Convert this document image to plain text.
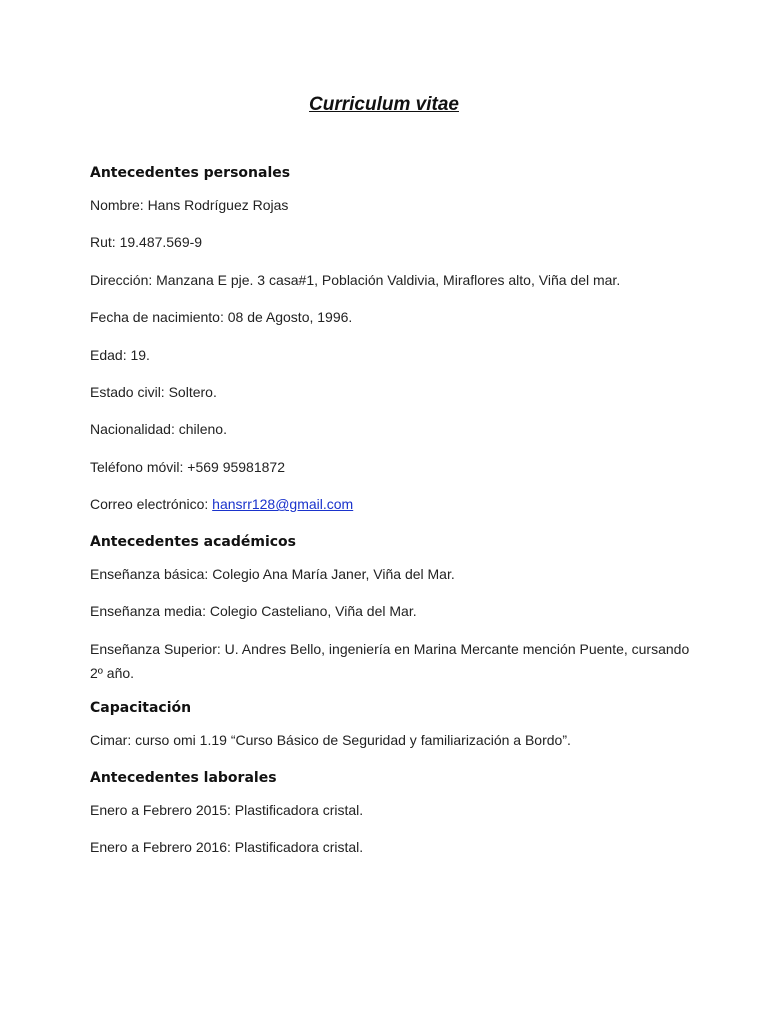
Curriculum vitae
Antecedentes personales
Nombre: Hans Rodríguez Rojas
Rut: 19.487.569-9
Dirección: Manzana E pje. 3 casa#1, Población Valdivia, Miraflores alto, Viña del mar.
Fecha de nacimiento: 08 de Agosto, 1996.
Edad: 19.
Estado civil: Soltero.
Nacionalidad: chileno.
Teléfono móvil: +569 95981872
Correo electrónico: hansrr128@gmail.com
Antecedentes académicos
Enseñanza básica: Colegio Ana María Janer, Viña del Mar.
Enseñanza media: Colegio Casteliano, Viña del Mar.
Enseñanza Superior: U. Andres Bello, ingeniería en Marina Mercante mención Puente, cursando 2º año.
Capacitación
Cimar: curso omi 1.19 “Curso Básico de Seguridad y familiarización a Bordo”.
Antecedentes laborales
Enero a Febrero 2015: Plastificadora cristal.
Enero a Febrero 2016: Plastificadora cristal.
